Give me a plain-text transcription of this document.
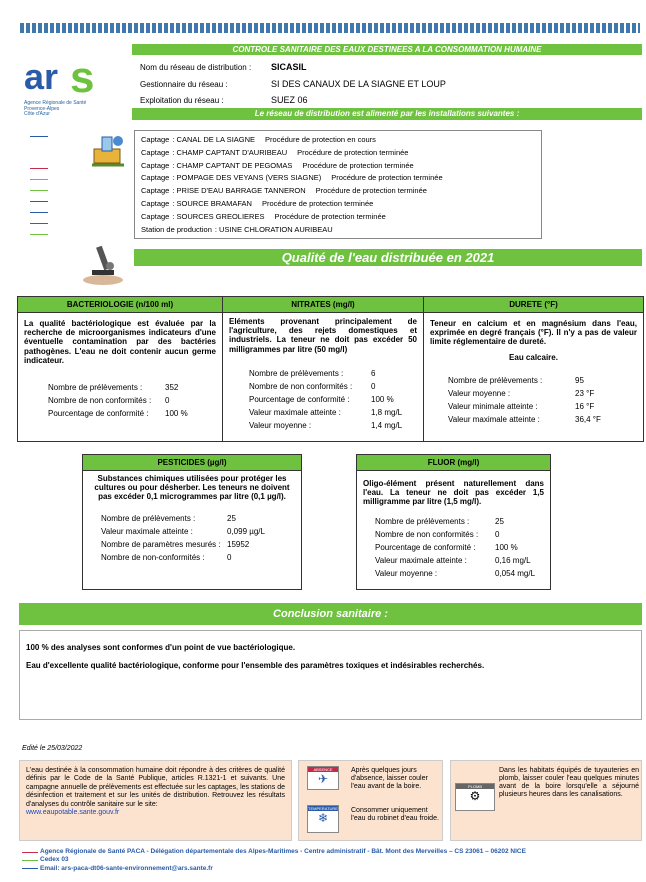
ar s
Agence Régionale de Santé
Provence-Alpes
Côte d'Azur
CONTROLE SANITAIRE DES EAUX DESTINEES A LA CONSOMMATION HUMAINE
Nom du réseau de distribution : SICASIL
Gestionnaire du réseau :	SI DES CANAUX DE LA SIAGNE ET LOUP
Exploitation du réseau :	SUEZ 06
Le réseau de distribution est alimenté par les installations suivantes :
Captage : CANAL DE LA SIAGNE Procédure de protection en cours
Captage : CHAMP CAPTANT D'AURIBEAU Procédure de protection terminée
Captage : CHAMP CAPTANT DE PEGOMAS Procédure de protection terminée
Captage : POMPAGE DES VEYANS (VERS SIAGNE) Procédure de protection terminée
Captage : PRISE D'EAU BARRAGE TANNERON Procédure de protection terminée
Captage : SOURCE BRAMAFAN Procédure de protection terminée
Captage : SOURCES GREOLIERES Procédure de protection terminée
Station de production : USINE CHLORATION AURIBEAU
Qualité de l'eau distribuée en 2021
BACTERIOLOGIE (n/100 ml)
La qualité bactériologique est évaluée par la recherche de microorganismes indicateurs d'une éventuelle contamination par des bactéries pathogènes. L'eau ne doit contenir aucun germe indicateur.
Nombre de prélèvements :	352
Nombre de non conformités :	0
Pourcentage de conformité :	100 %
NITRATES (mg/l)
Eléments provenant principalement de l'agriculture, des rejets domestiques et industriels. La teneur ne doit pas excéder 50 milligrammes par litre (50 mg/l)
Nombre de prélèvements :	6
Nombre de non conformités :	0
Pourcentage de conformité :	100 %
Valeur maximale atteinte :	1,8 mg/L
Valeur moyenne :	1,4 mg/L
DURETE (°F)
Teneur en calcium et en magnésium dans l'eau, exprimée en degré français (°F). Il n'y a pas de valeur limite réglementaire de dureté.
Eau calcaire.
Nombre de prélèvements :	95
Valeur moyenne :	23 °F
Valeur minimale atteinte :	16 °F
Valeur maximale atteinte :	36,4 °F
PESTICIDES (µg/l)
Substances chimiques utilisées pour protéger les cultures ou pour désherber. Les teneurs ne doivent pas excéder 0,1 microgrammes par litre (0,1 µg/l).
Nombre de prélèvements :	25
Valeur maximale atteinte :	0,099 µg/L
Nombre de paramètres mesurés : 15952
Nombre de non-conformités :	0
FLUOR (mg/l)
Oligo-élément présent naturellement dans l'eau. La teneur ne doit pas excéder 1,5 milligramme par litre (1,5 mg/l).
Nombre de prélèvements :	25
Nombre de non conformités :	0
Pourcentage de conformité :	100 %
Valeur maximale atteinte :	0,16 mg/L
Valeur moyenne :	0,054 mg/L
Conclusion sanitaire :
100 % des analyses sont conformes d'un point de vue bactériologique.
Eau d'excellente qualité bactériologique, conforme pour l'ensemble des paramètres toxiques et indésirables recherchés.
Edité le 25/03/2022
L'eau destinée à la consommation humaine doit répondre à des critères de qualité définis par le Code de la Santé Publique, articles R.1321-1 et suivants. Une campagne annuelle de prélèvements est effectuée sur les captages, les stations de désinfection et traitement et sur les unités de distribution. Retrouvez les résultats d'analyses du contrôle sanitaire sur le site:
www.eaupotable.sante.gouv.fr
ABSENCE
✈
Après quelques jours d'absence, laisser couler l'eau avant de la boire.
TEMPERATURE
❄
Consommer uniquement l'eau du robinet d'eau froide.
PLOMB
⚙
Dans les habitats équipés de tuyauteries en plomb, laisser couler l'eau quelques minutes avant de la boire lorsqu'elle a séjourné plusieurs heures dans les canalisations.
Agence Régionale de Santé PACA - Délégation départementale des Alpes-Maritimes - Centre administratif - Bât. Mont des Merveilles – CS 23061 – 06202 NICE
Cedex 03
Email: ars-paca-dt06-sante-environnement@ars.sante.fr
